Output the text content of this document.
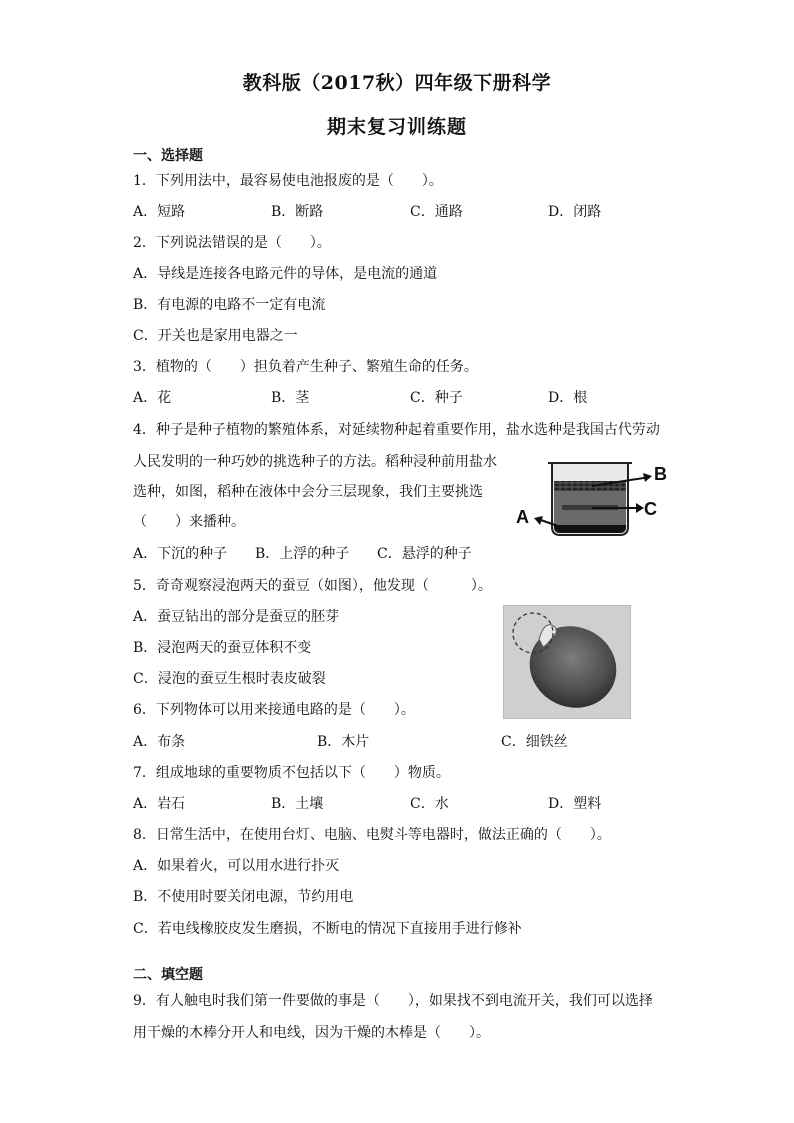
教科版（2017秋）四年级下册科学
期末复习训练题
一、选择题
1．下列用法中，最容易使电池报废的是（　　）。
A．短路	B．断路	C．通路	D．闭路
2．下列说法错误的是（　　）。
A．导线是连接各电路元件的导体，是电流的通道
B．有电源的电路不一定有电流
C．开关也是家用电器之一
3．植物的（　　）担负着产生种子、繁殖生命的任务。
A．花	B．茎	C．种子	D．根
4．种子是种子植物的繁殖体系，对延续物种起着重要作用，盐水选种是我国古代劳动
人民发明的一种巧妙的挑选种子的方法。稻种浸种前用盐水
选种，如图，稻种在液体中会分三层现象，我们主要挑选
（　　）来播种。
A．下沉的种子 B．上浮的种子 C．悬浮的种子
B
C
A
5．奇奇观察浸泡两天的蚕豆（如图），他发现（　　　）。
A．蚕豆钻出的部分是蚕豆的胚芽
B．浸泡两天的蚕豆体积不变
C．浸泡的蚕豆生根时表皮破裂
6．下列物体可以用来接通电路的是（　　）。
A．布条	B．木片	C．细铁丝
7．组成地球的重要物质不包括以下（　　）物质。
A．岩石	B．土壤	C．水	D．塑料
8．日常生活中，在使用台灯、电脑、电熨斗等电器时，做法正确的（　　）。
A．如果着火，可以用水进行扑灭
B．不使用时要关闭电源，节约用电
C．若电线橡胶皮发生磨损，不断电的情况下直接用手进行修补
二、填空题
9．有人触电时我们第一件要做的事是（　　），如果找不到电流开关，我们可以选择
用干燥的木棒分开人和电线，因为干燥的木棒是（　　）。
